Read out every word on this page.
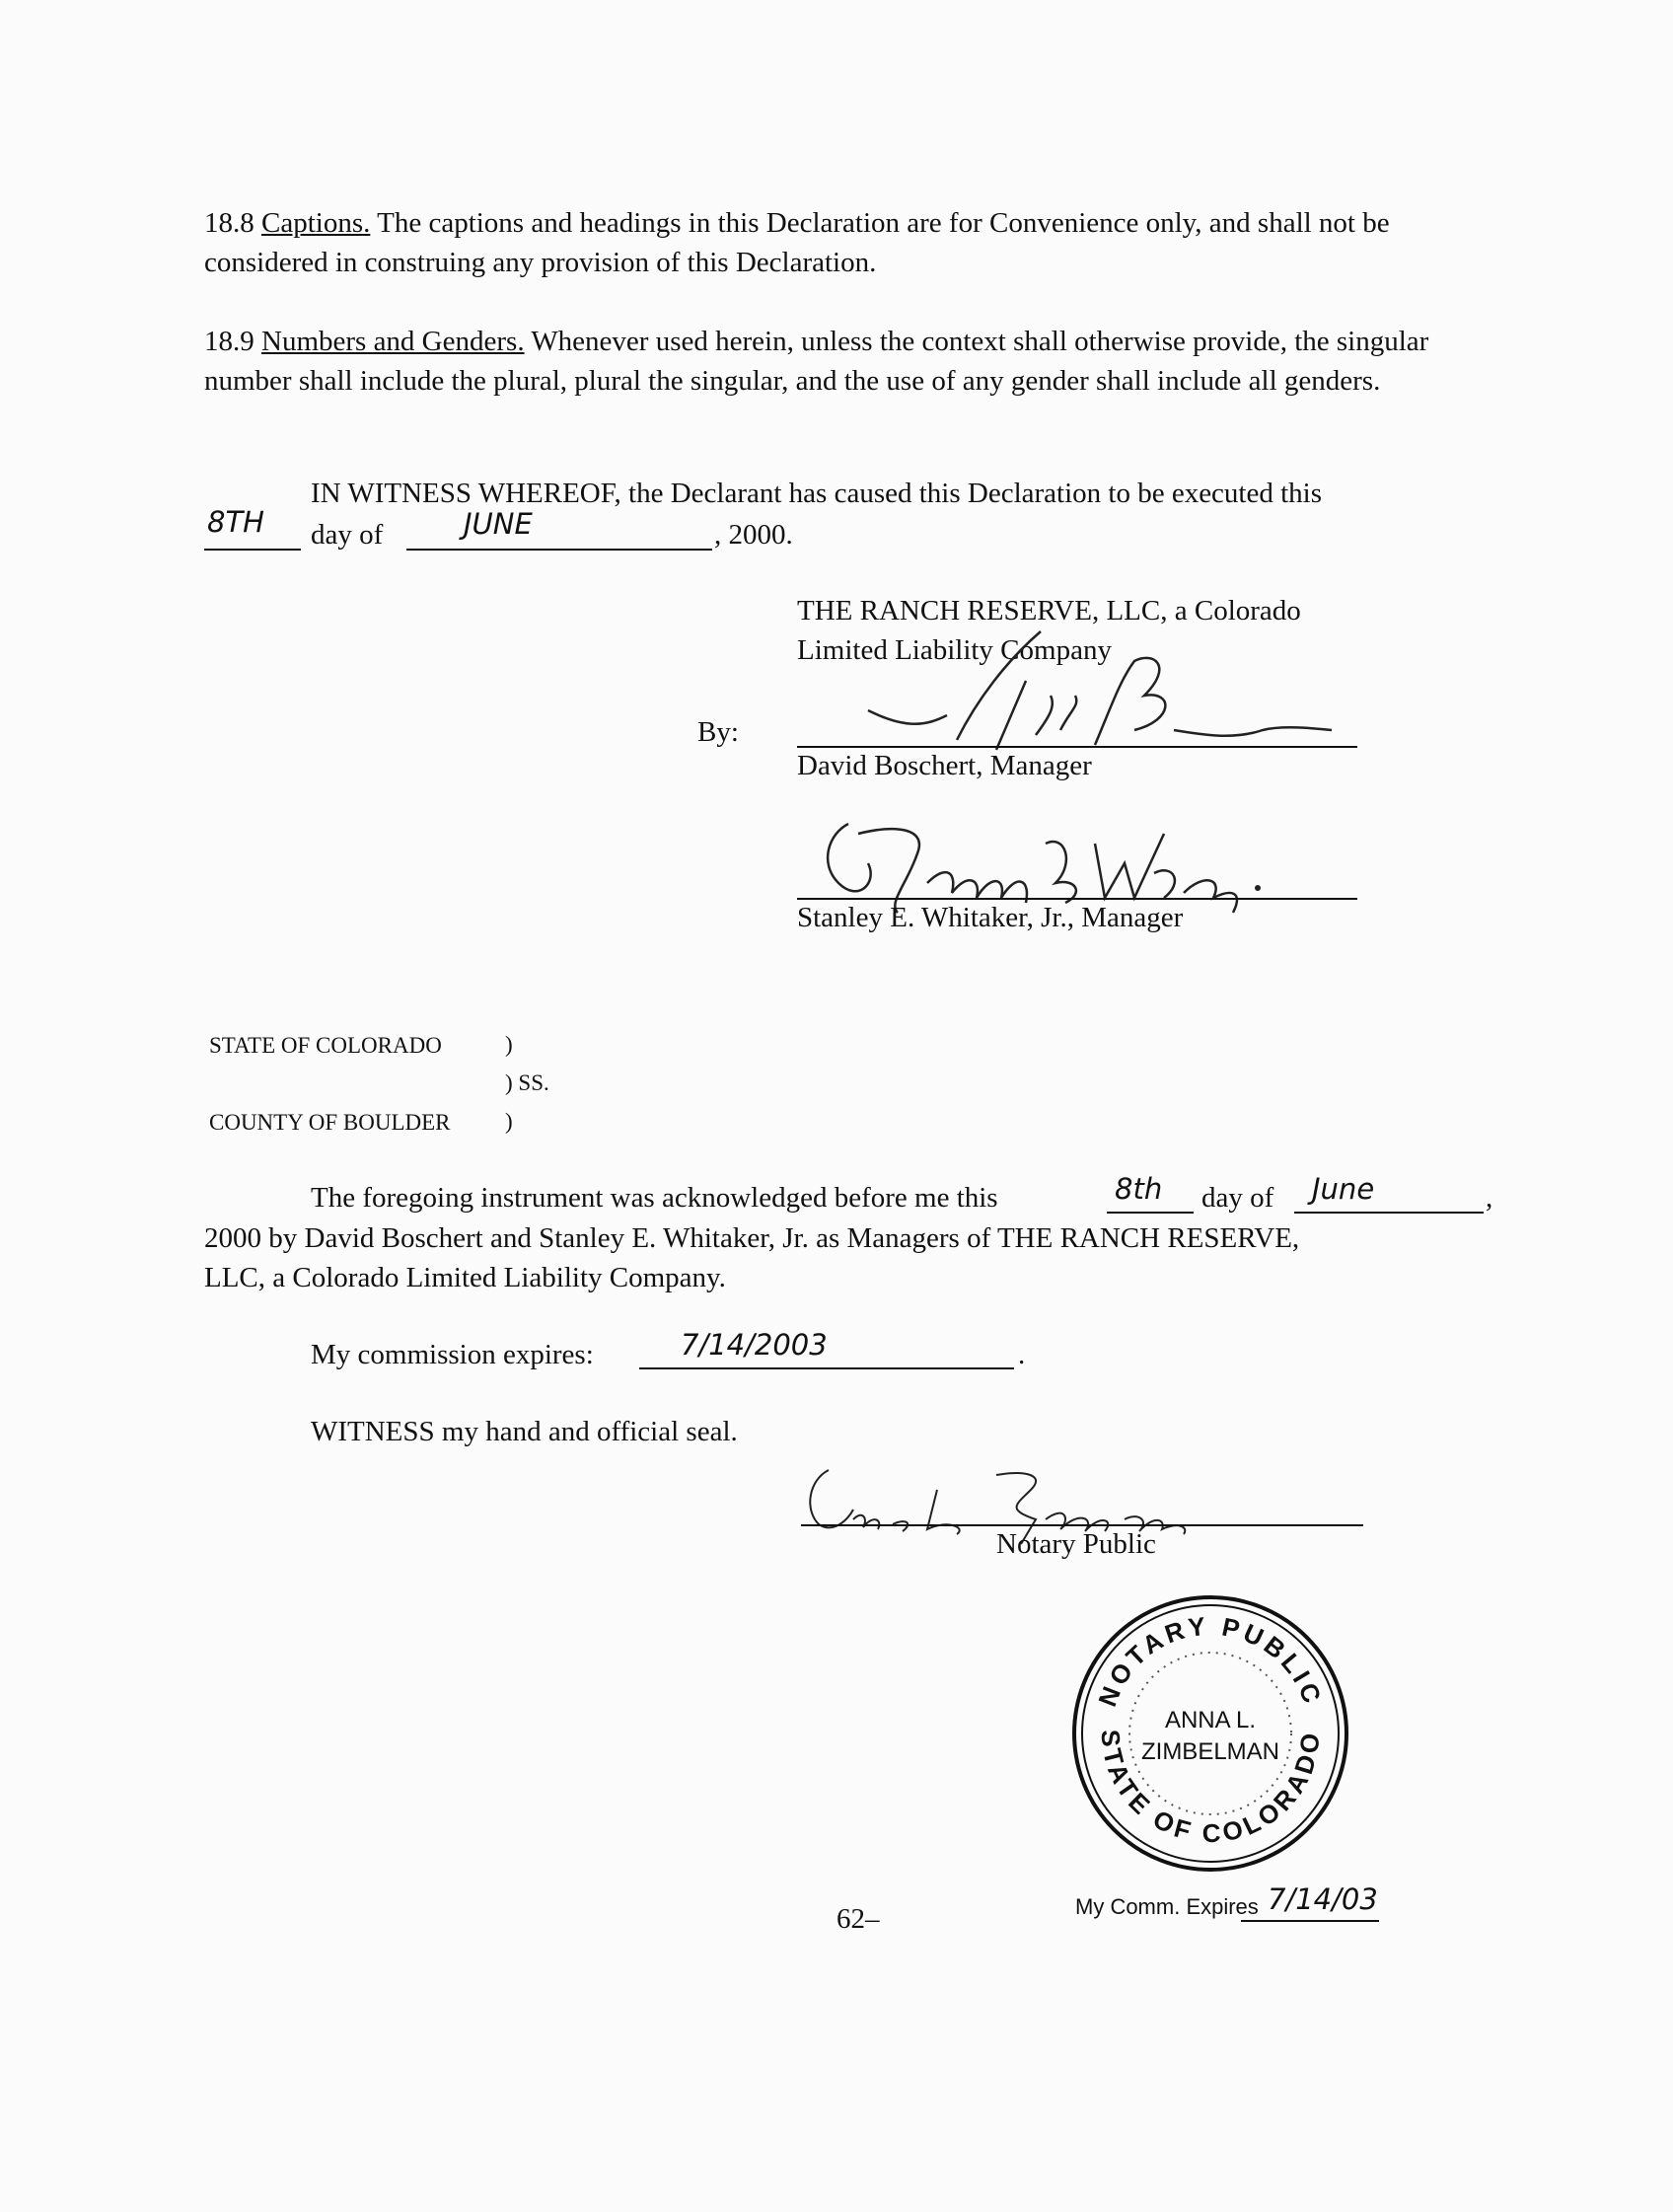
18.8 Captions. The captions and headings in this Declaration are for Convenience only, and shall not be considered in construing any provision of this Declaration.
18.9 Numbers and Genders. Whenever used herein, unless the context shall otherwise provide, the singular number shall include the plural, plural the singular, and the use of any gender shall include all genders.
IN WITNESS WHEREOF, the Declarant has caused this Declaration to be executed this
8TH day of	JUNE	, 2000.
THE RANCH RESERVE, LLC, a Colorado
Limited Liability Company
By:
David Boschert, Manager
Stanley E. Whitaker, Jr., Manager
STATE OF COLORADO	)
) SS.
COUNTY OF BOULDER )
The foregoing instrument was acknowledged before me this	8th day of June	,
2000 by David Boschert and Stanley E. Whitaker, Jr. as Managers of THE RANCH RESERVE,
LLC, a Colorado Limited Liability Company.
My commission expires:	7/14/2003	.
WITNESS my hand and official seal.
Notary Public
NOTARY PUBLIC
STATE OF COLORADO
ANNA L.
ZIMBELMAN
My Comm. Expires 7/14/03
62–
